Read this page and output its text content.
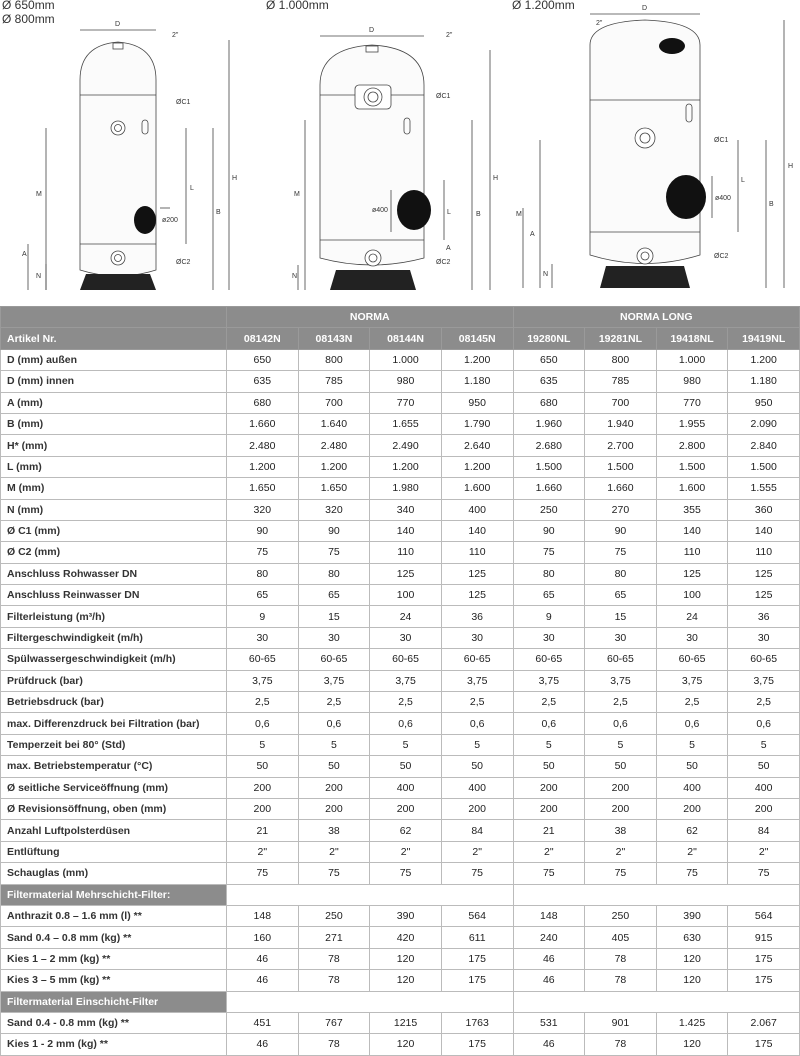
Ø 650mm
Ø 800mm
Ø 1.000mm	Ø 1.200mm
D
2"
ØC1
ØC2
H
M
L
B
A
N
ø200
D
2"
ØC1
ØC2
H
M
L	B
A
N
ø400
D
2"
ØC1
ØC2
H
A
L
B
M
N
ø400
	NORMA				NORMA LONG			
Artikel Nr.	08142N	08143N	08144N	08145N	19280NL	19281NL	19418NL	19419NL
D (mm) außen	650	800	1.000	1.200	650	800	1.000	1.200
D (mm) innen	635	785	980	1.180	635	785	980	1.180
A (mm)	680	700	770	950	680	700	770	950
B (mm)	1.660	1.640	1.655	1.790	1.960	1.940	1.955	2.090
H* (mm)	2.480	2.480	2.490	2.640	2.680	2.700	2.800	2.840
L (mm)	1.200	1.200	1.200	1.200	1.500	1.500	1.500	1.500
M (mm)	1.650	1.650	1.980	1.600	1.660	1.660	1.600	1.555
N (mm)	320	320	340	400	250	270	355	360
Ø C1 (mm)	90	90	140	140	90	90	140	140
Ø C2 (mm)	75	75	110	110	75	75	110	110
Anschluss Rohwasser DN	80	80	125	125	80	80	125	125
Anschluss Reinwasser DN	65	65	100	125	65	65	100	125
Filterleistung (m³/h)	9	15	24	36	9	15	24	36
Filtergeschwindigkeit (m/h)	30	30	30	30	30	30	30	30
Spülwassergeschwindigkeit (m/h)	60-65	60-65	60-65	60-65	60-65	60-65	60-65	60-65
Prüfdruck (bar)	3,75	3,75	3,75	3,75	3,75	3,75	3,75	3,75
Betriebsdruck (bar)	2,5	2,5	2,5	2,5	2,5	2,5	2,5	2,5
max. Differenzdruck bei Filtration (bar)	0,6	0,6	0,6	0,6	0,6	0,6	0,6	0,6
Temperzeit bei 80° (Std)	5	5	5	5	5	5	5	5
max. Betriebstemperatur (°C)	50	50	50	50	50	50	50	50
Ø seitliche Serviceöffnung (mm)	200	200	400	400	200	200	400	400
Ø Revisionsöffnung, oben (mm)	200	200	200	200	200	200	200	200
Anzahl Luftpolsterdüsen	21	38	62	84	21	38	62	84
Entlüftung	2"	2"	2"	2"	2"	2"	2"	2"
Schauglas (mm)	75	75	75	75	75	75	75	75
Filtermaterial Mehrschicht-Filter:								
Anthrazit 0.8 – 1.6 mm (l) **	148	250	390	564	148	250	390	564
Sand 0.4 – 0.8 mm (kg) **	160	271	420	611	240	405	630	915
Kies 1 – 2 mm (kg) **	46	78	120	175	46	78	120	175
Kies 3 – 5 mm (kg) **	46	78	120	175	46	78	120	175
Filtermaterial Einschicht-Filter								
Sand 0.4 - 0.8 mm (kg) **	451	767	1215	1763	531	901	1.425	2.067
Kies 1 - 2 mm (kg) **	46	78	120	175	46	78	120	175
